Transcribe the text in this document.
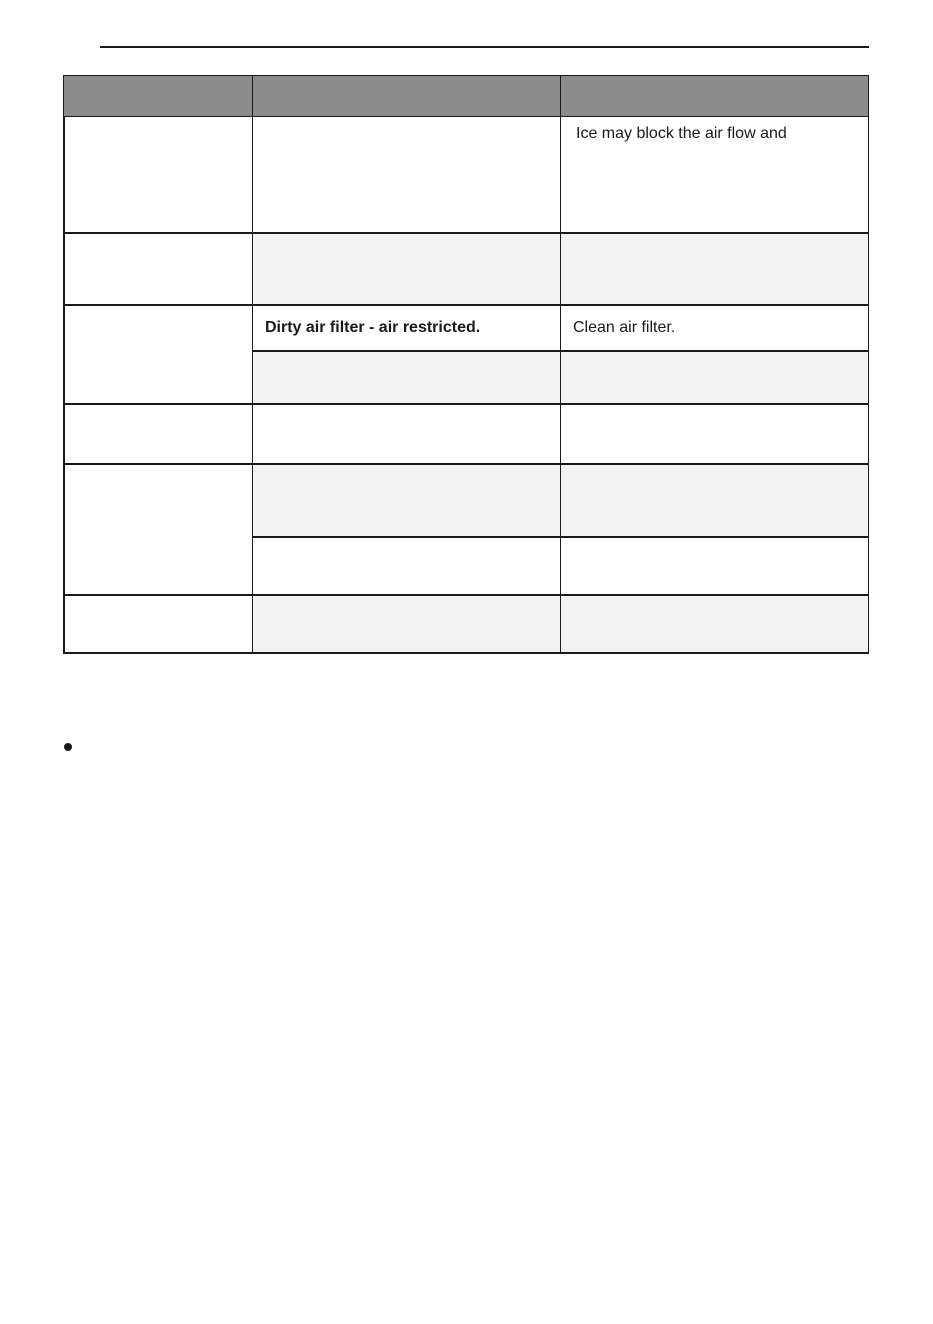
Ice may block the air flow and
Dirty air filter - air restricted.	Clean air filter.
